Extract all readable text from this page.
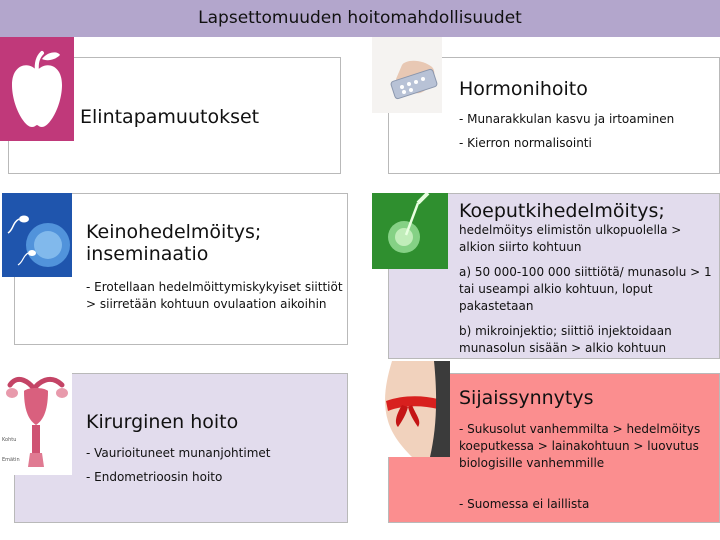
Lapsettomuuden hoitomahdollisuudet
Elintapamuutokset
Hormonihoito
- Munarakkulan kasvu ja irtoaminen
- Kierron normalisointi
Keinohedelmöitys; inseminaatio
- Erotellaan hedelmöittymiskykyiset siittiöt > siirretään kohtuun ovulaation aikoihin
Koeputkihedelmöitys;
hedelmöitys elimistön ulkopuolella > alkion siirto kohtuun
a) 50 000-100 000 siittiötä/ munasolu > 1 tai useampi alkio kohtuun, loput pakastetaan
b) mikroinjektio; siittiö injektoidaan munasolun sisään > alkio kohtuun
Kohtu
Emätin
Kirurginen hoito
- Vaurioituneet munanjohtimet
- Endometrioosin hoito
Sijaissynnytys
- Sukusolut vanhemmilta > hedelmöitys koeputkessa > lainakohtuun > luovutus biologisille vanhemmille
- Suomessa ei laillista
